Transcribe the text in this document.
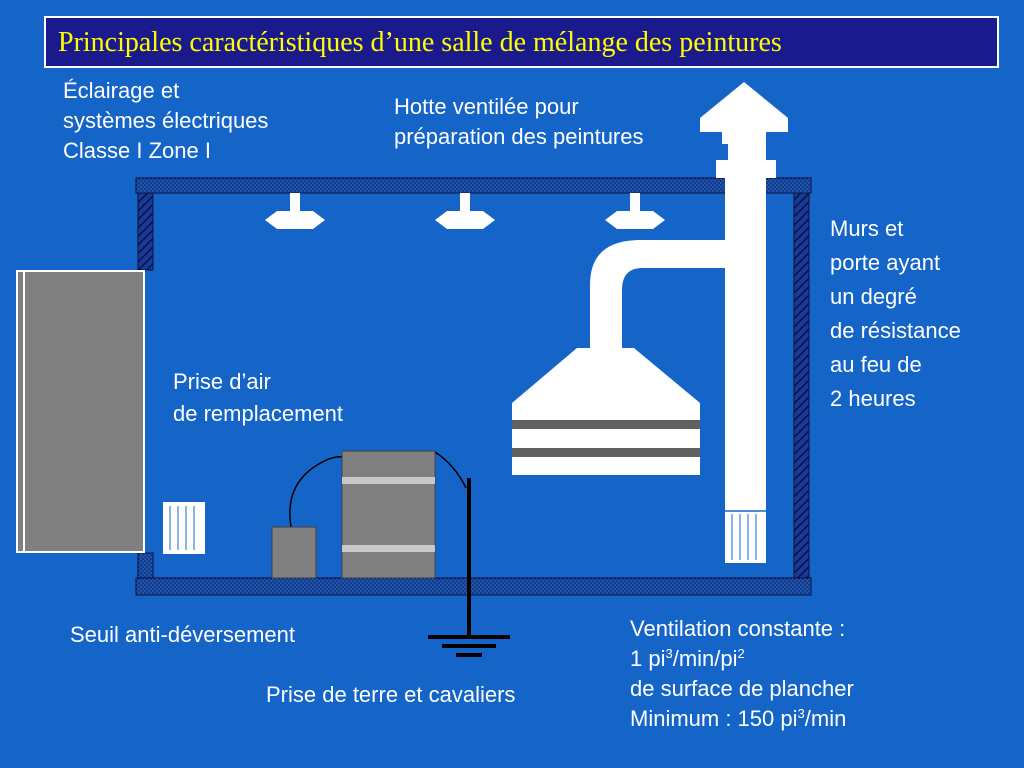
Principales caractéristiques d’une salle de mélange des peintures
Éclairage et
systèmes électriques
Classe I Zone I
Hotte ventilée pour
préparation des peintures
Murs et
porte ayant
un degré
de résistance
au feu de
2 heures
Prise d’air
de remplacement
Seuil anti-déversement
Prise de terre et cavaliers
Ventilation constante :
1 $pi^3/\min/pi^2$
de surface de plancher
Minimum : 150 $pi^3/\min$
